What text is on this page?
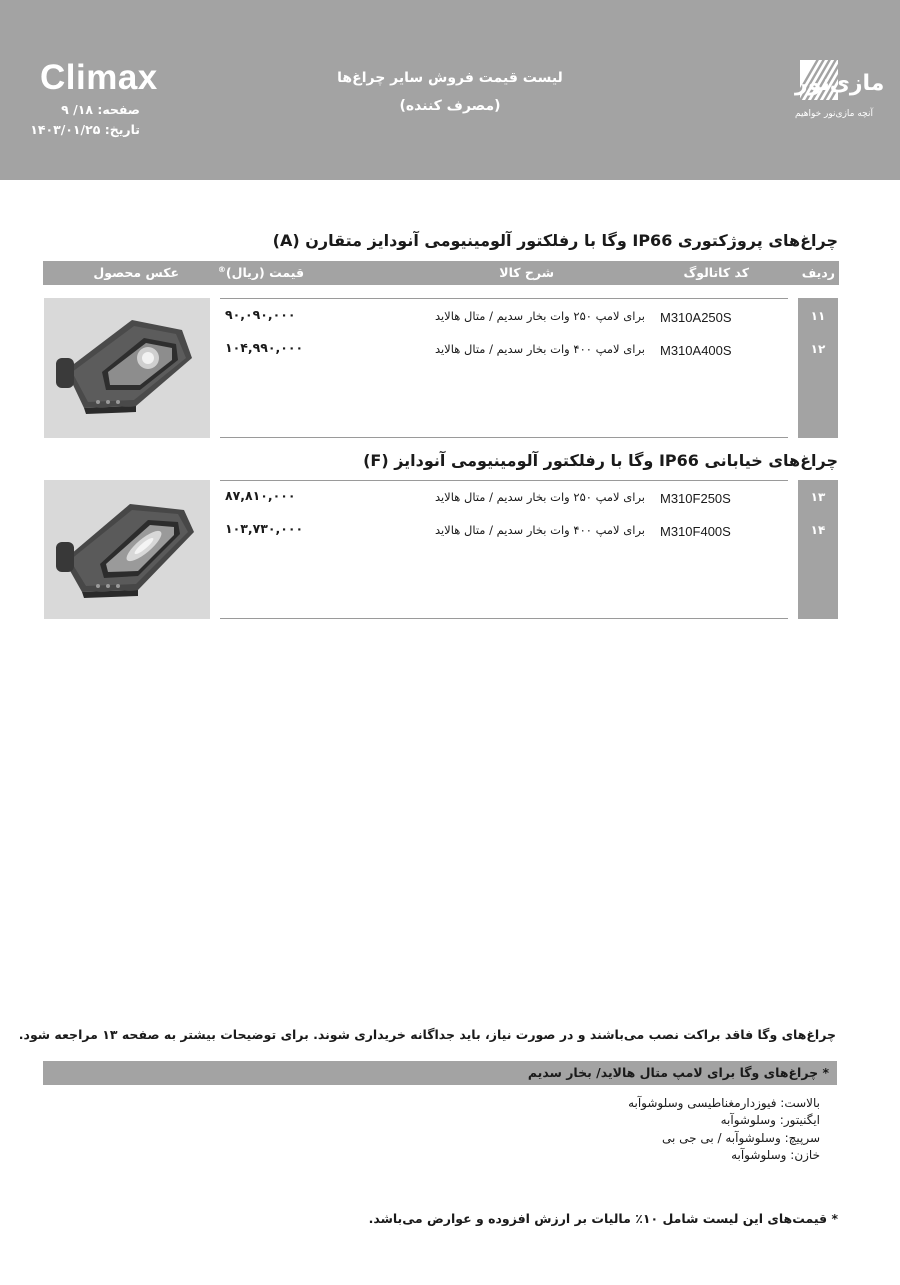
Climax
صفحه: ۱۸/ ۹
تاریخ: ۱۴۰۳/۰۱/۲۵
لیست قیمت فروش سایر چراغ‌ها
(مصرف کننده)
مازی‌نور
آنچه مازی‌نور خواهیم
چراغ‌های پروژکتوری IP66 وگا با رفلکتور آلومینیومی آنودایز متقارن (A)
ردیف
کد کاتالوگ
شرح کالا
قیمت (ریال)®
عکس محصول
۱۱
M310A250S
برای لامپ ۲۵۰ وات بخار سدیم / متال هالاید
۹۰,۰۹۰,۰۰۰
۱۲
M310A400S
برای لامپ ۴۰۰ وات بخار سدیم / متال هالاید
۱۰۴,۹۹۰,۰۰۰
چراغ‌های خیابانی IP66 وگا با رفلکتور آلومینیومی آنودایز (F)
۱۳
M310F250S
برای لامپ ۲۵۰ وات بخار سدیم / متال هالاید
۸۷,۸۱۰,۰۰۰
۱۴
M310F400S
برای لامپ ۴۰۰ وات بخار سدیم / متال هالاید
۱۰۳,۷۳۰,۰۰۰
چراغ‌های وگا فاقد براکت نصب می‌باشند و در صورت نیاز، باید جداگانه خریداری شوند. برای توضیحات بیشتر به صفحه ۱۳ مراجعه شود.
* چراغ‌های وگا برای لامپ متال هالاید/ بخار سدیم
بالاست: فیوزدارمغناطیسی وسلوشوآبه
ایگنیتور: وسلوشوآبه
سرپیچ: وسلوشوآبه / بی جی بی
خازن: وسلوشوآبه
* قیمت‌های این لیست شامل ۱۰٪ مالیات بر ارزش افزوده و عوارض می‌باشد.
